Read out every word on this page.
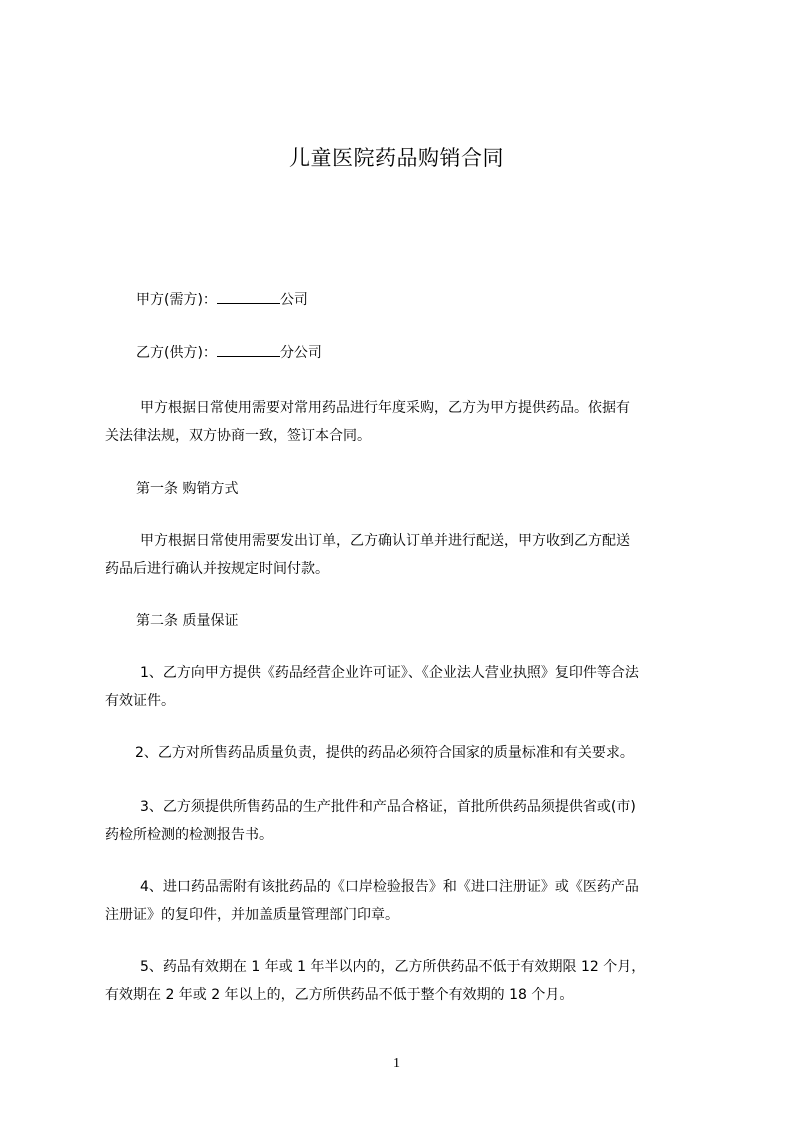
儿童医院药品购销合同
甲方(需方)：	公司
乙方(供方)：	分公司
甲方根据日常使用需要对常用药品进行年度采购，乙方为甲方提供药品。依据有
关法律法规，双方协商一致，签订本合同。
第一条 购销方式
甲方根据日常使用需要发出订单，乙方确认订单并进行配送，甲方收到乙方配送
药品后进行确认并按规定时间付款。
第二条 质量保证
1、乙方向甲方提供《药品经营企业许可证》、《企业法人营业执照》复印件等合法
有效证件。
2、乙方对所售药品质量负责，提供的药品必须符合国家的质量标准和有关要求。
3、乙方须提供所售药品的生产批件和产品合格证，首批所供药品须提供省或(市)
药检所检测的检测报告书。
4、进口药品需附有该批药品的《口岸检验报告》和《进口注册证》或《医药产品
注册证》的复印件，并加盖质量管理部门印章。
5、药品有效期在 1 年或 1 年半以内的，乙方所供药品不低于有效期限 12 个月，
有效期在 2 年或 2 年以上的，乙方所供药品不低于整个有效期的 18 个月。
1
